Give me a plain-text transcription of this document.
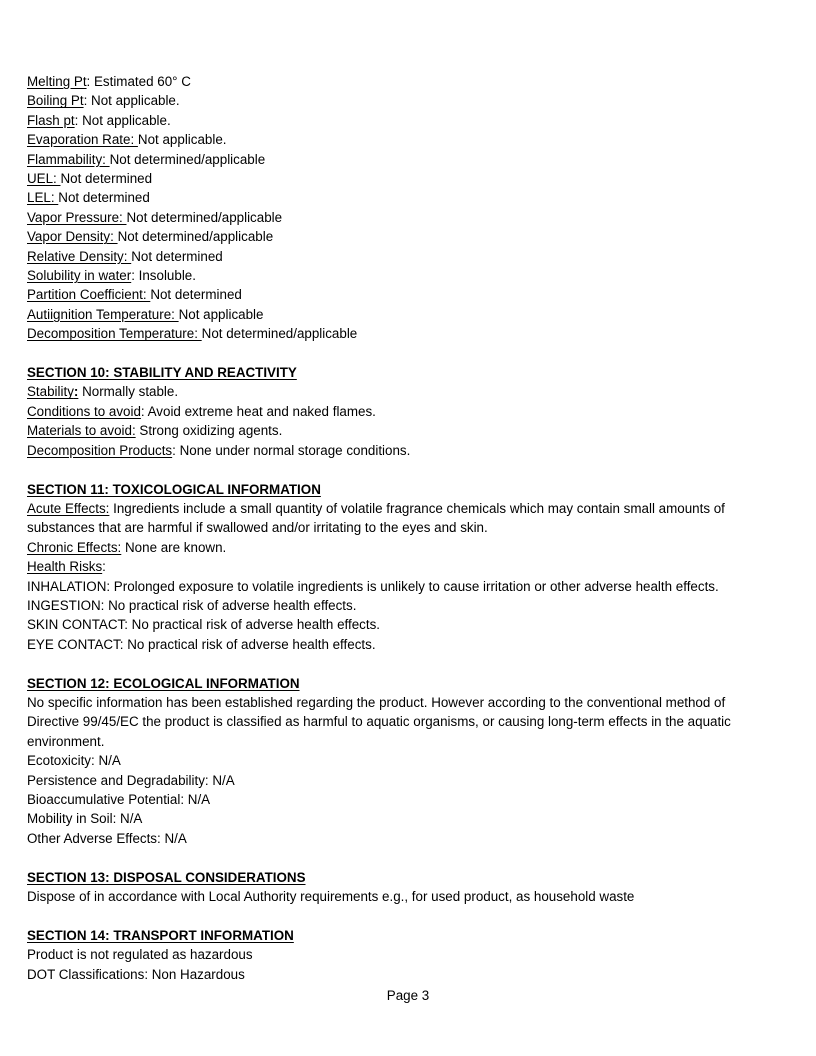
Melting Pt: Estimated 60° C
Boiling Pt: Not applicable.
Flash pt: Not applicable.
Evaporation Rate: Not applicable.
Flammability: Not determined/applicable
UEL: Not determined
LEL: Not determined
Vapor Pressure: Not determined/applicable
Vapor Density: Not determined/applicable
Relative Density: Not determined
Solubility in water: Insoluble.
Partition Coefficient: Not determined
Autiignition Temperature: Not applicable
Decomposition Temperature: Not determined/applicable
SECTION 10: STABILITY AND REACTIVITY
Stability: Normally stable.
Conditions to avoid: Avoid extreme heat and naked flames.
Materials to avoid: Strong oxidizing agents.
Decomposition Products: None under normal storage conditions.
SECTION 11: TOXICOLOGICAL INFORMATION
Acute Effects: Ingredients include a small quantity of volatile fragrance chemicals which may contain small amounts of substances that are harmful if swallowed and/or irritating to the eyes and skin.
Chronic Effects: None are known.
Health Risks:
INHALATION: Prolonged exposure to volatile ingredients is unlikely to cause irritation or other adverse health effects.
INGESTION: No practical risk of adverse health effects.
SKIN CONTACT: No practical risk of adverse health effects.
EYE CONTACT: No practical risk of adverse health effects.
SECTION 12: ECOLOGICAL INFORMATION
No specific information has been established regarding the product. However according to the conventional method of Directive 99/45/EC the product is classified as harmful to aquatic organisms, or causing long-term effects in the aquatic environment.
Ecotoxicity: N/A
Persistence and Degradability: N/A
Bioaccumulative Potential: N/A
Mobility in Soil: N/A
Other Adverse Effects: N/A
SECTION 13: DISPOSAL CONSIDERATIONS
Dispose of in accordance with Local Authority requirements e.g., for used product, as household waste
SECTION 14: TRANSPORT INFORMATION
Product is not regulated as hazardous
DOT Classifications: Non Hazardous
Page 3
